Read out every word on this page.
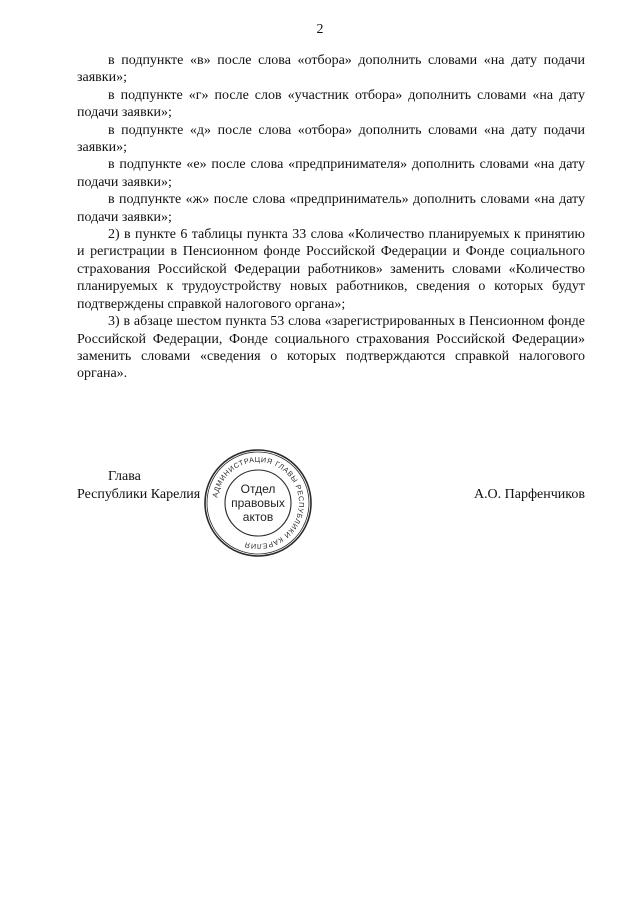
2

в подпункте «в» после слова «отбора» дополнить словами «на дату подачи заявки»;

в подпункте «г» после слов «участник отбора» дополнить словами «на дату подачи заявки»;

в подпункте «д» после слова «отбора» дополнить словами «на дату подачи заявки»;

в подпункте «е» после слова «предпринимателя» дополнить словами «на дату подачи заявки»;

в подпункте «ж» после слова «предприниматель» дополнить словами «на дату подачи заявки»;

2) в пункте 6 таблицы пункта 33 слова «Количество планируемых к принятию и регистрации в Пенсионном фонде Российской Федерации и Фонде социального страхования Российской Федерации работников» заменить словами «Количество планируемых к трудоустройству новых работников, сведения о которых будут подтверждены справкой налогового органа»;

3) в абзаце шестом пункта 53 слова «зарегистрированных в Пенсионном фонде Российской Федерации, Фонде социального страхования Российской Федерации» заменить словами «сведения о которых подтверждаются справкой налогового органа».

Глава
Республики Карелия	А.О. Парфенчиков
АДМИНИСТРАЦИЯ ГЛАВЫ РЕСПУБЛИКИ КАРЕЛИЯ
Отдел
правовых
актов
